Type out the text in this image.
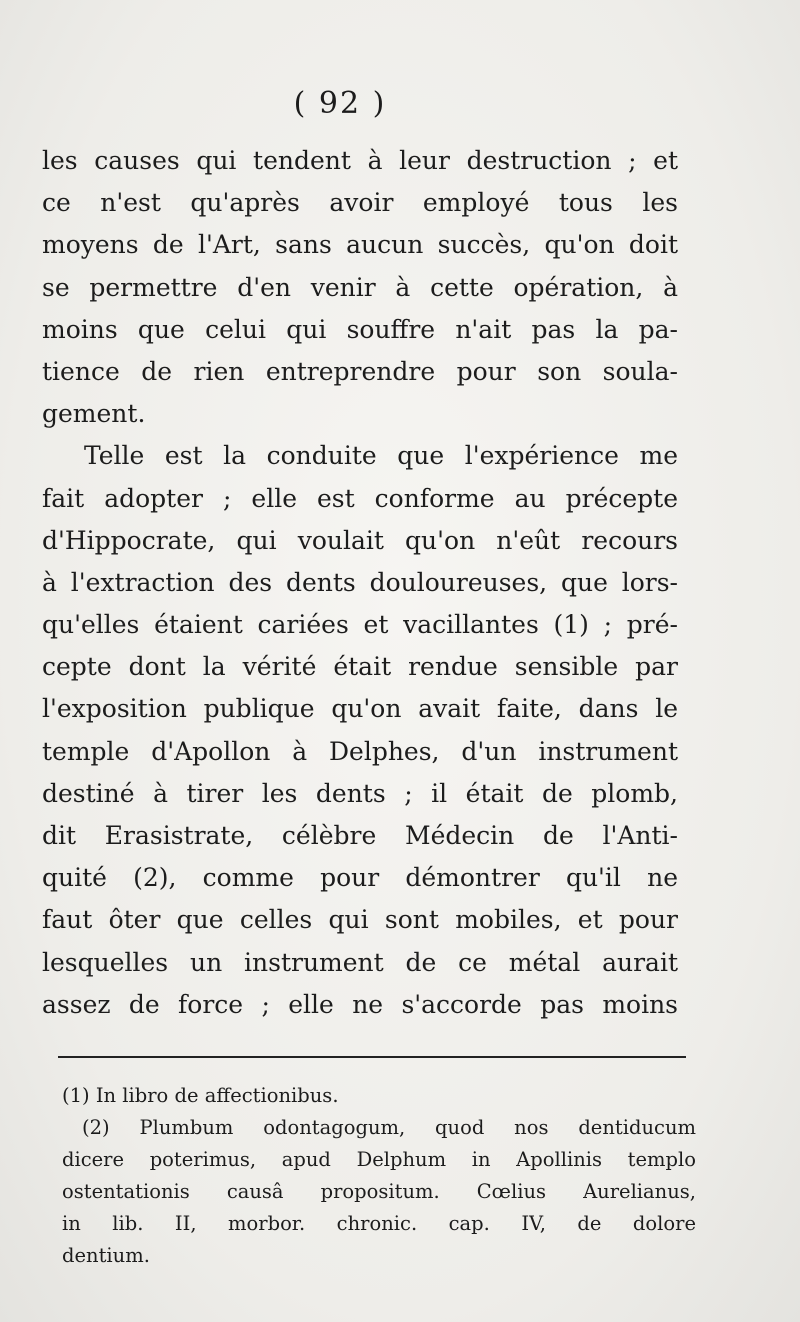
( 92 )
les causes qui tendent à leur destruction ; et
ce n'est qu'après avoir employé tous les
moyens de l'Art, sans aucun succès, qu'on doit
se permettre d'en venir à cette opération, à
moins que celui qui souffre n'ait pas la pa-
tience de rien entreprendre pour son soula-
gement.
Telle est la conduite que l'expérience me
fait adopter ; elle est conforme au précepte
d'Hippocrate, qui voulait qu'on n'eût recours
à l'extraction des dents douloureuses, que lors-
qu'elles étaient cariées et vacillantes (1) ; pré-
cepte dont la vérité était rendue sensible par
l'exposition publique qu'on avait faite, dans le
temple d'Apollon à Delphes, d'un instrument
destiné à tirer les dents ; il était de plomb,
dit Erasistrate, célèbre Médecin de l'Anti-
quité (2), comme pour démontrer qu'il ne
faut ôter que celles qui sont mobiles, et pour
lesquelles un instrument de ce métal aurait
assez de force ; elle ne s'accorde pas moins
(1) In libro de affectionibus.
(2) Plumbum odontagogum, quod nos dentiducum
dicere poterimus, apud Delphum in Apollinis templo
ostentationis causâ propositum. Cœlius Aurelianus,
in lib. II, morbor. chronic. cap. IV, de dolore
dentium.
